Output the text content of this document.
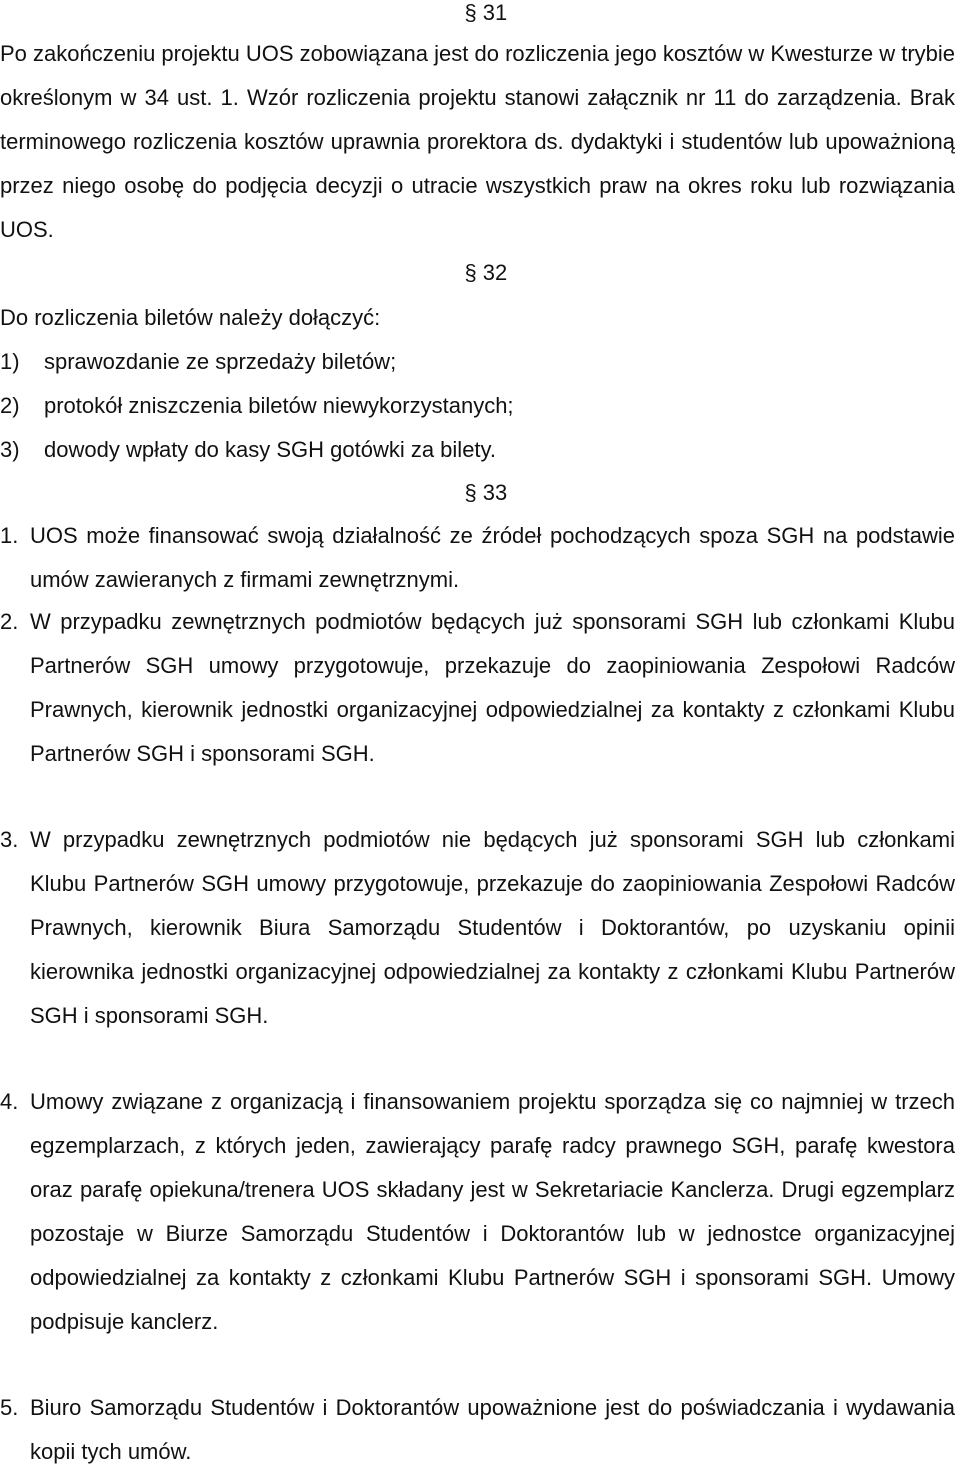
§ 31
Po zakończeniu projektu UOS zobowiązana jest do rozliczenia jego kosztów w Kwesturze w trybie określonym w 34 ust. 1. Wzór rozliczenia projektu stanowi załącznik nr 11 do zarządzenia. Brak terminowego rozliczenia kosztów uprawnia prorektora ds. dydaktyki i studentów lub upoważnioną przez niego osobę do podjęcia decyzji o utracie wszystkich praw na okres roku lub rozwiązania UOS.
§ 32
Do rozliczenia biletów należy dołączyć:
1) sprawozdanie ze sprzedaży biletów;
2) protokół zniszczenia biletów niewykorzystanych;
3) dowody wpłaty do kasy SGH gotówki za bilety.
§ 33
1. UOS może finansować swoją działalność ze źródeł pochodzących spoza SGH na podstawie umów zawieranych z firmami zewnętrznymi.
2. W przypadku zewnętrznych podmiotów będących już sponsorami SGH lub członkami Klubu Partnerów SGH umowy przygotowuje, przekazuje do zaopiniowania Zespołowi Radców Prawnych, kierownik jednostki organizacyjnej odpowiedzialnej za kontakty z członkami Klubu Partnerów SGH i sponsorami SGH.
3. W przypadku zewnętrznych podmiotów nie będących już sponsorami SGH lub członkami Klubu Partnerów SGH umowy przygotowuje, przekazuje do zaopiniowania Zespołowi Radców Prawnych, kierownik Biura Samorządu Studentów i Doktorantów, po uzyskaniu opinii kierownika jednostki organizacyjnej odpowiedzialnej za kontakty z członkami Klubu Partnerów SGH i sponsorami SGH.
4. Umowy związane z organizacją i finansowaniem projektu sporządza się co najmniej w trzech egzemplarzach, z których jeden, zawierający parafę radcy prawnego SGH, parafę kwestora oraz parafę opiekuna/trenera UOS składany jest w Sekretariacie Kanclerza. Drugi egzemplarz pozostaje w Biurze Samorządu Studentów i Doktorantów lub w jednostce organizacyjnej odpowiedzialnej za kontakty z członkami Klubu Partnerów SGH i sponsorami SGH. Umowy podpisuje kanclerz.
5. Biuro Samorządu Studentów i Doktorantów upoważnione jest do poświadczania i wydawania kopii tych umów.
